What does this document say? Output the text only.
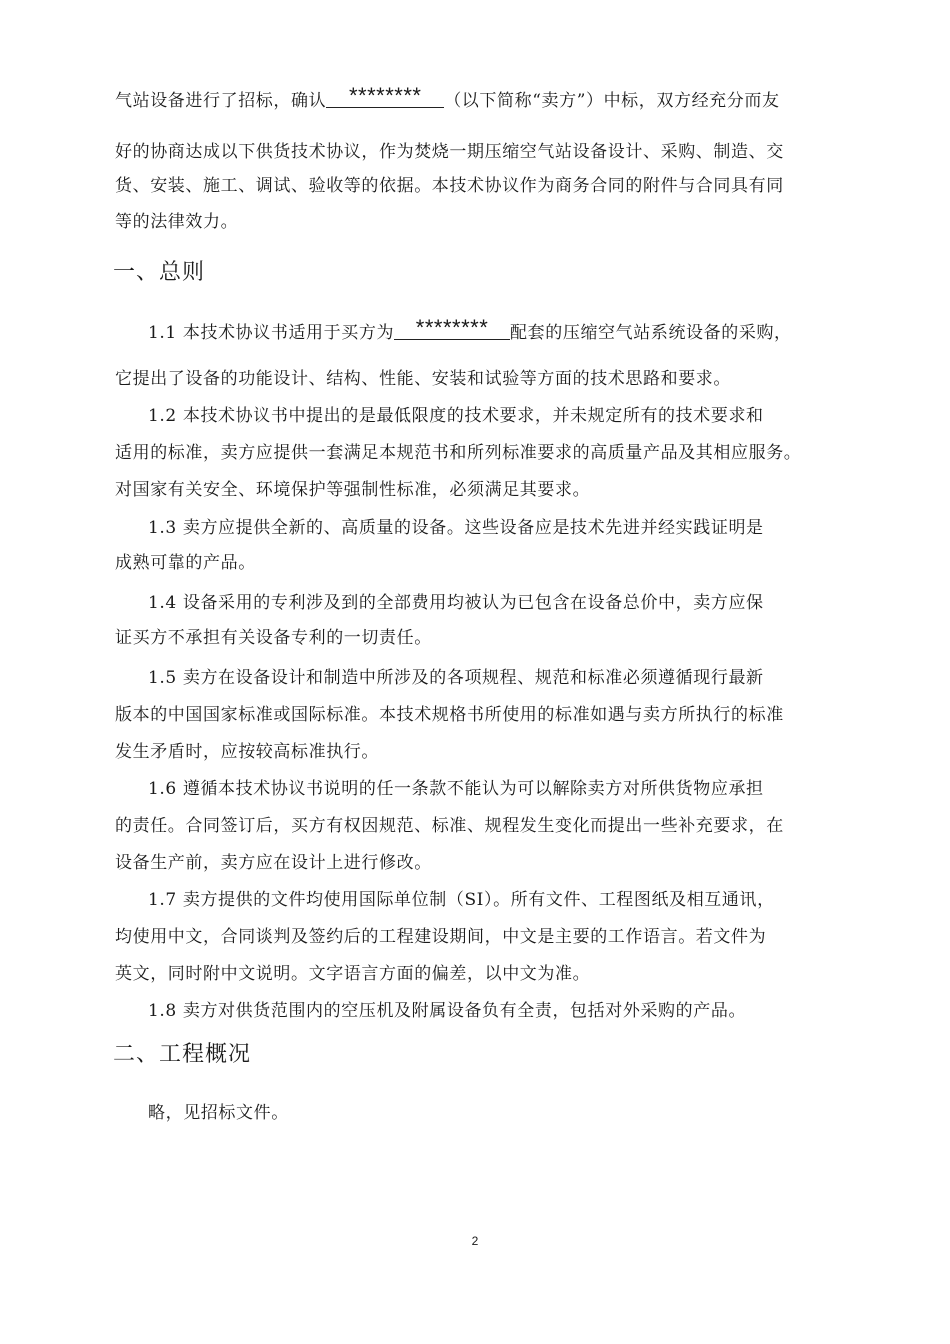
气站设备进行了招标，确认 ******** （以下简称“卖方”）中标，双方经充分而友
好的协商达成以下供货技术协议，作为焚烧一期压缩空气站设备设计、采购、制造、交
货、安装、施工、调试、验收等的依据。本技术协议作为商务合同的附件与合同具有同
等的法律效力。
一、总则
1.1 本技术协议书适用于买方为 ******** 配套的压缩空气站系统设备的采购，
它提出了设备的功能设计、结构、性能、安装和试验等方面的技术思路和要求。
1.2 本技术协议书中提出的是最低限度的技术要求，并未规定所有的技术要求和
适用的标准，卖方应提供一套满足本规范书和所列标准要求的高质量产品及其相应服务。
对国家有关安全、环境保护等强制性标准，必须满足其要求。
1.3 卖方应提供全新的、高质量的设备。这些设备应是技术先进并经实践证明是
成熟可靠的产品。
1.4 设备采用的专利涉及到的全部费用均被认为已包含在设备总价中，卖方应保
证买方不承担有关设备专利的一切责任。
1.5 卖方在设备设计和制造中所涉及的各项规程、规范和标准必须遵循现行最新
版本的中国国家标准或国际标准。本技术规格书所使用的标准如遇与卖方所执行的标准
发生矛盾时，应按较高标准执行。
1.6 遵循本技术协议书说明的任一条款不能认为可以解除卖方对所供货物应承担
的责任。合同签订后，买方有权因规范、标准、规程发生变化而提出一些补充要求，在
设备生产前，卖方应在设计上进行修改。
1.7 卖方提供的文件均使用国际单位制（SI）。所有文件、工程图纸及相互通讯，
均使用中文，合同谈判及签约后的工程建设期间，中文是主要的工作语言。若文件为
英文，同时附中文说明。文字语言方面的偏差，以中文为准。
1.8 卖方对供货范围内的空压机及附属设备负有全责，包括对外采购的产品。
二、工程概况
略，见招标文件。
2
